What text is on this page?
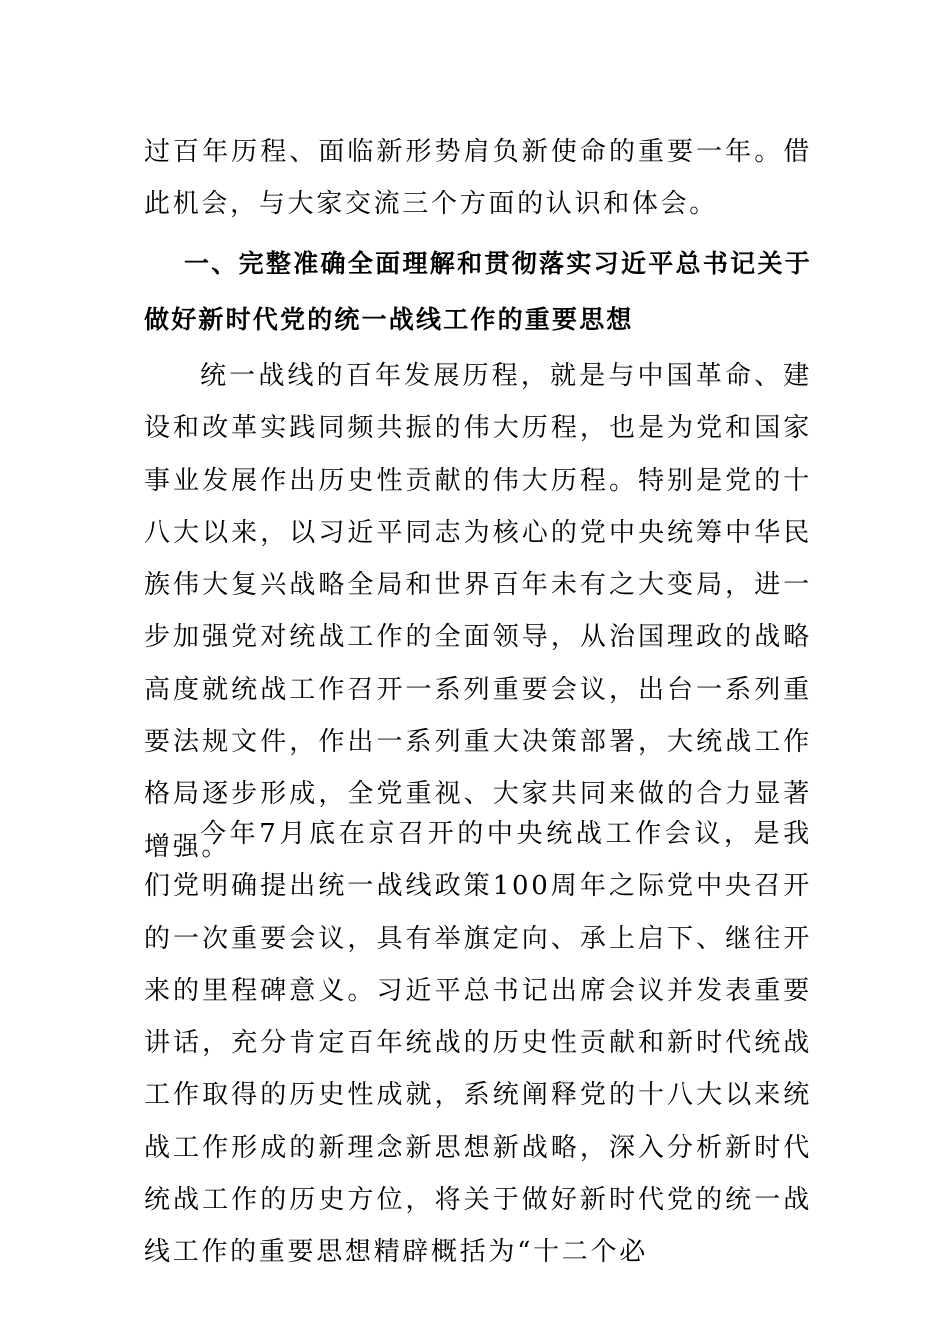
过百年历程、面临新形势肩负新使命的重要一年。借此机会，与大家交流三个方面的认识和体会。

一、完整准确全面理解和贯彻落实习近平总书记关于做好新时代党的统一战线工作的重要思想

统一战线的百年发展历程，就是与中国革命、建设和改革实践同频共振的伟大历程，也是为党和国家事业发展作出历史性贡献的伟大历程。特别是党的十八大以来，以习近平同志为核心的党中央统筹中华民族伟大复兴战略全局和世界百年未有之大变局，进一步加强党对统战工作的全面领导，从治国理政的战略高度就统战工作召开一系列重要会议，出台一系列重要法规文件，作出一系列重大决策部署，大统战工作格局逐步形成，全党重视、大家共同来做的合力显著增强。

今年7月底在京召开的中央统战工作会议，是我们党明确提出统一战线政策100周年之际党中央召开的一次重要会议，具有举旗定向、承上启下、继往开来的里程碑意义。习近平总书记出席会议并发表重要讲话，充分肯定百年统战的历史性贡献和新时代统战工作取得的历史性成就，系统阐释党的十八大以来统战工作形成的新理念新思想新战略，深入分析新时代统战工作的历史方位，将关于做好新时代党的统一战线工作的重要思想精辟概括为“十二个必
